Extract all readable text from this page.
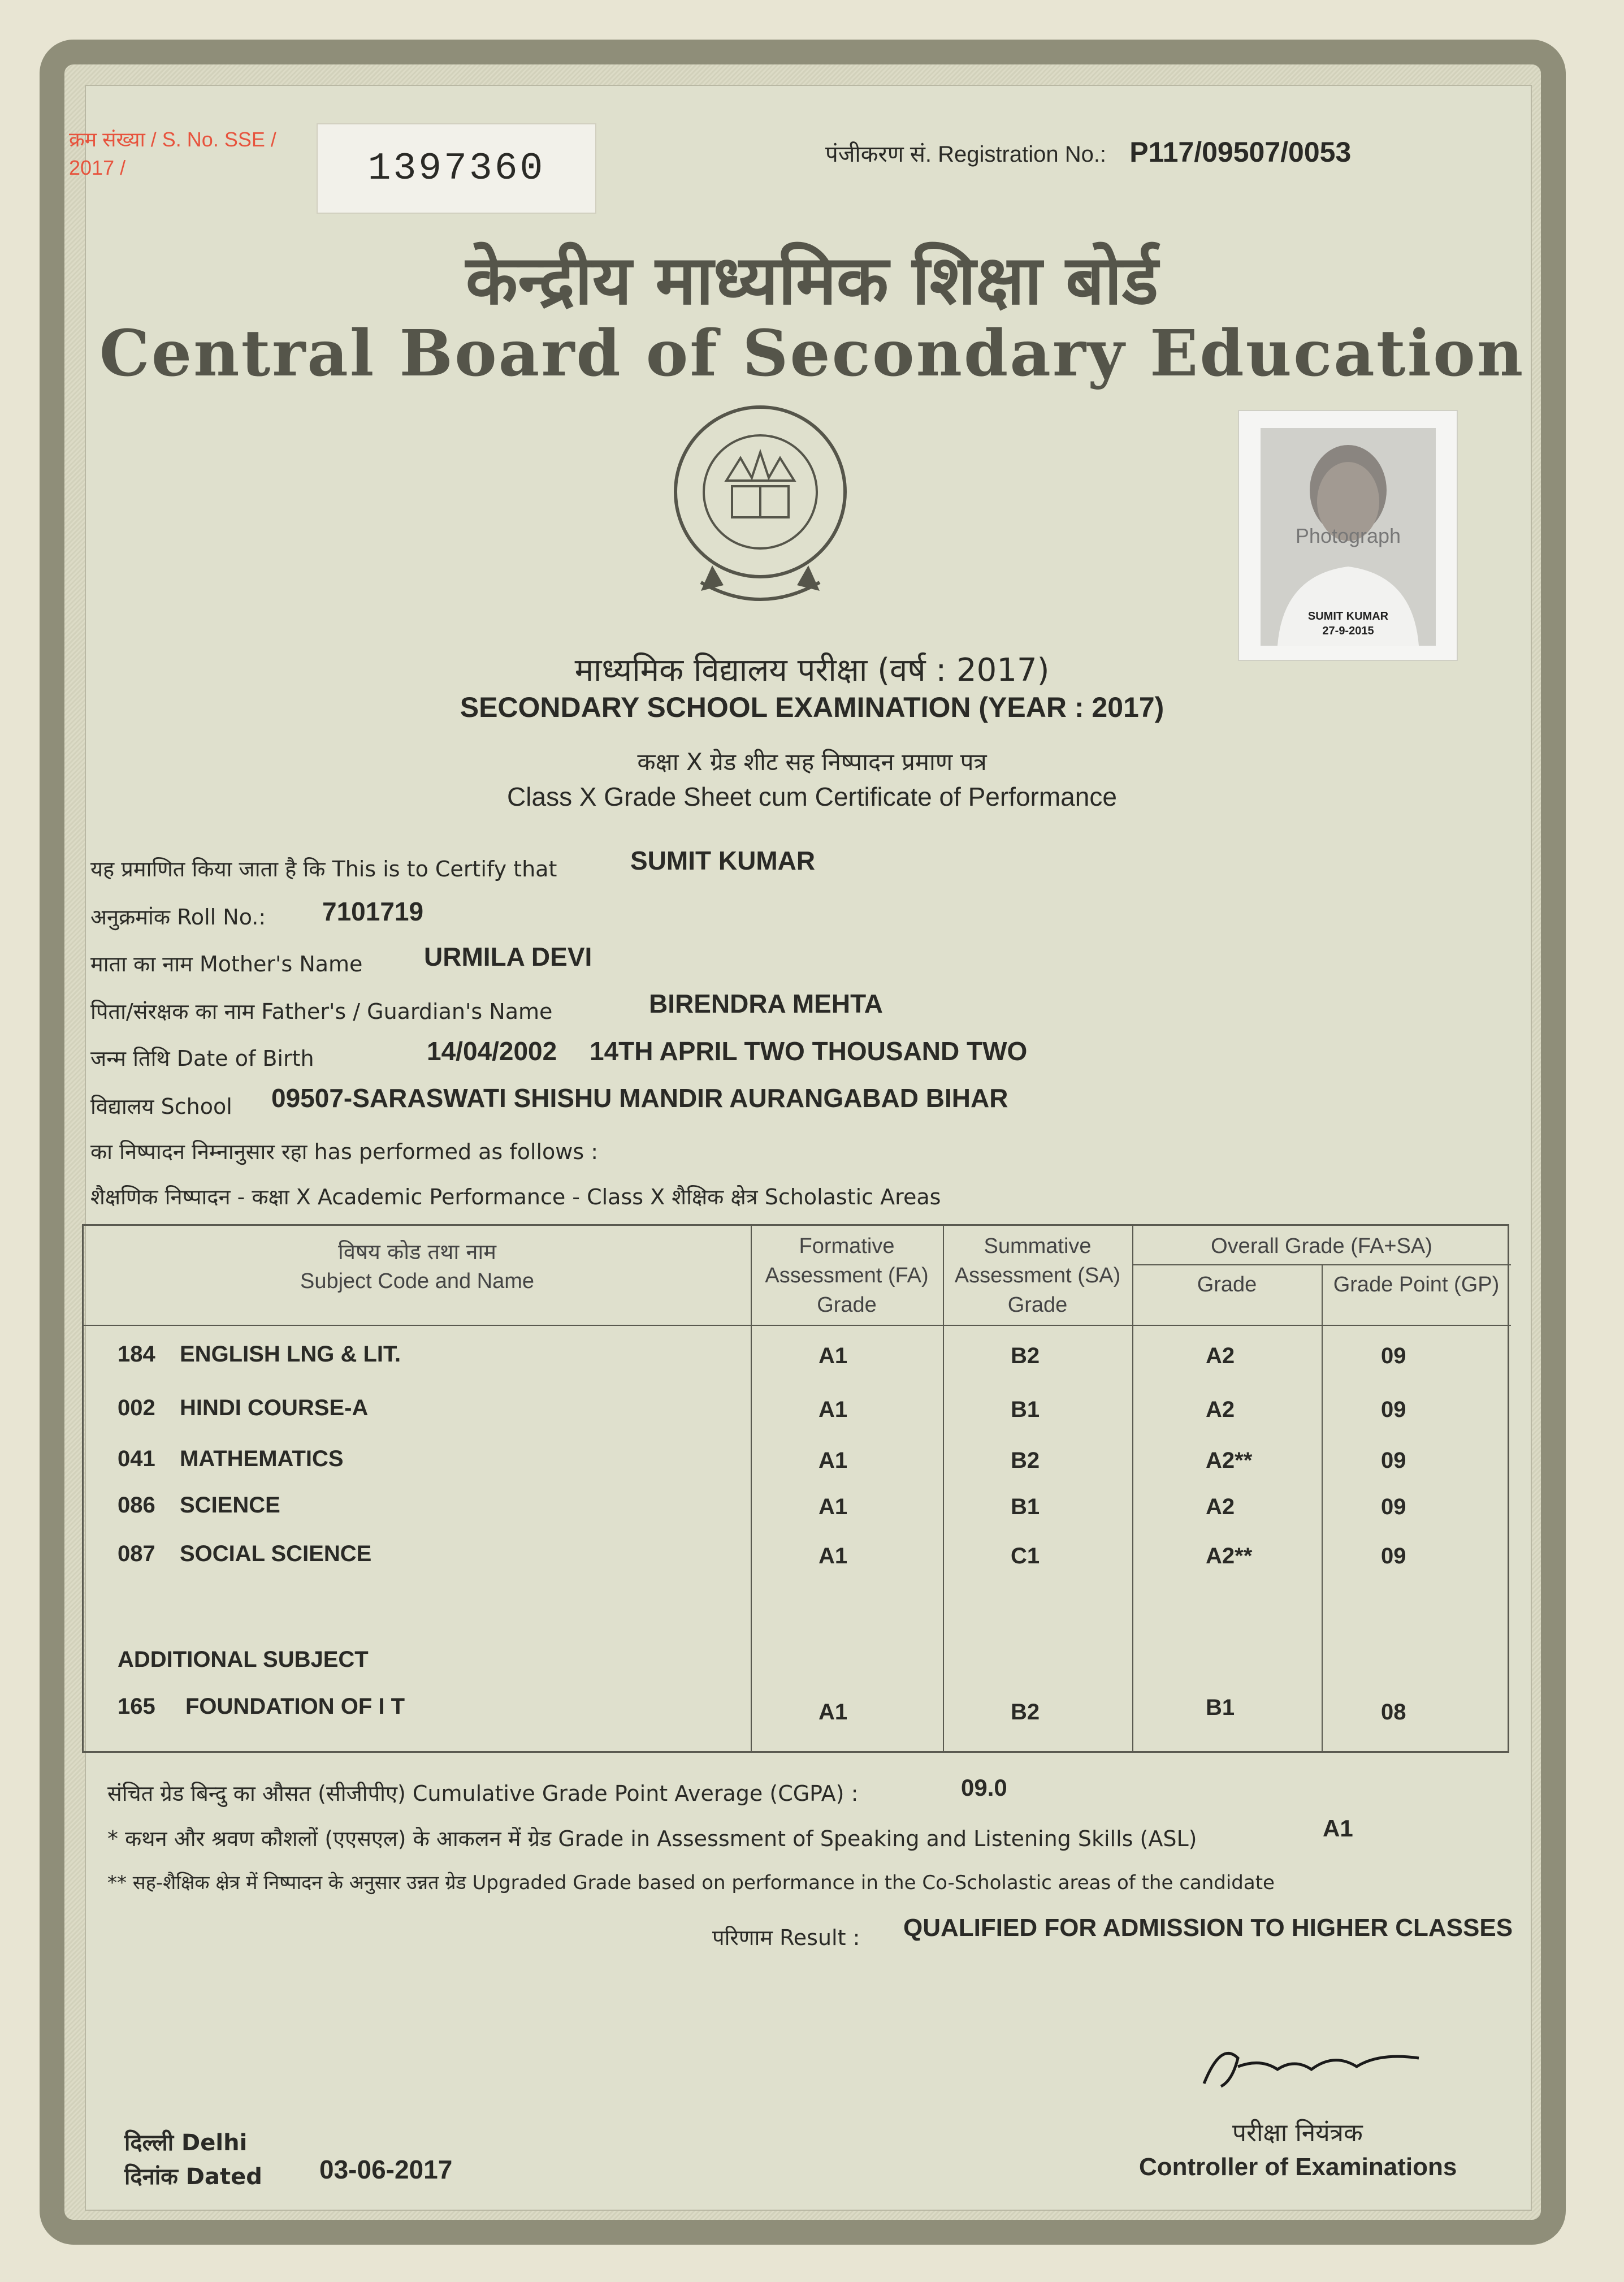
क्रम संख्या / S. No. SSE / 2017 /	1397360	पंजीकरण सं. Registration No.: P117/09507/0053
केन्द्रीय माध्यमिक शिक्षा बोर्ड
Central Board of Secondary Education
Photograph
SUMIT KUMAR
27-9-2015
माध्यमिक विद्यालय परीक्षा (वर्ष : 2017)
SECONDARY SCHOOL EXAMINATION (YEAR : 2017)
कक्षा X ग्रेड शीट सह निष्पादन प्रमाण पत्र
Class X Grade Sheet cum Certificate of Performance
यह प्रमाणित किया जाता है कि This is to Certify that	SUMIT KUMAR
अनुक्रमांक Roll No.: 7101719
माता का नाम Mother's Name URMILA DEVI
पिता/संरक्षक का नाम Father's / Guardian's Name	BIRENDRA MEHTA
जन्म तिथि Date of Birth	14/04/2002 14TH APRIL TWO THOUSAND TWO
विद्यालय School 09507-SARASWATI SHISHU MANDIR AURANGABAD BIHAR
का निष्पादन निम्नानुसार रहा has performed as follows :
शैक्षणिक निष्पादन - कक्षा X Academic Performance - Class X शैक्षिक क्षेत्र Scholastic Areas
विषय कोड तथा नाम
Subject Code and Name
Formative Assessment (FA) Grade
Summative Assessment (SA) Grade
Overall Grade (FA+SA)
Grade	Grade Point (GP)
184 ENGLISH LNG & LIT.	A1	B2	A2	09
002 HINDI COURSE-A	A1	B1	A2	09
041 MATHEMATICS	A1	B2	A2**	09
086 SCIENCE	A1	B1	A2	09
087 SOCIAL SCIENCE	A1	C1	A2**	09
ADDITIONAL SUBJECT
165 FOUNDATION OF I T	A1	B2	B1	08
संचित ग्रेड बिन्दु का औसत (सीजीपीए) Cumulative Grade Point Average (CGPA) :	09.0
* कथन और श्रवण कौशलों (एएसएल) के आकलन में ग्रेड Grade in Assessment of Speaking and Listening Skills (ASL)	A1
** सह-शैक्षिक क्षेत्र में निष्पादन के अनुसार उन्नत ग्रेड Upgraded Grade based on performance in the Co-Scholastic areas of the candidate
परिणाम Result : QUALIFIED FOR ADMISSION TO HIGHER CLASSES
दिल्ली Delhi
दिनांक Dated 03-06-2017
परीक्षा नियंत्रक
Controller of Examinations
